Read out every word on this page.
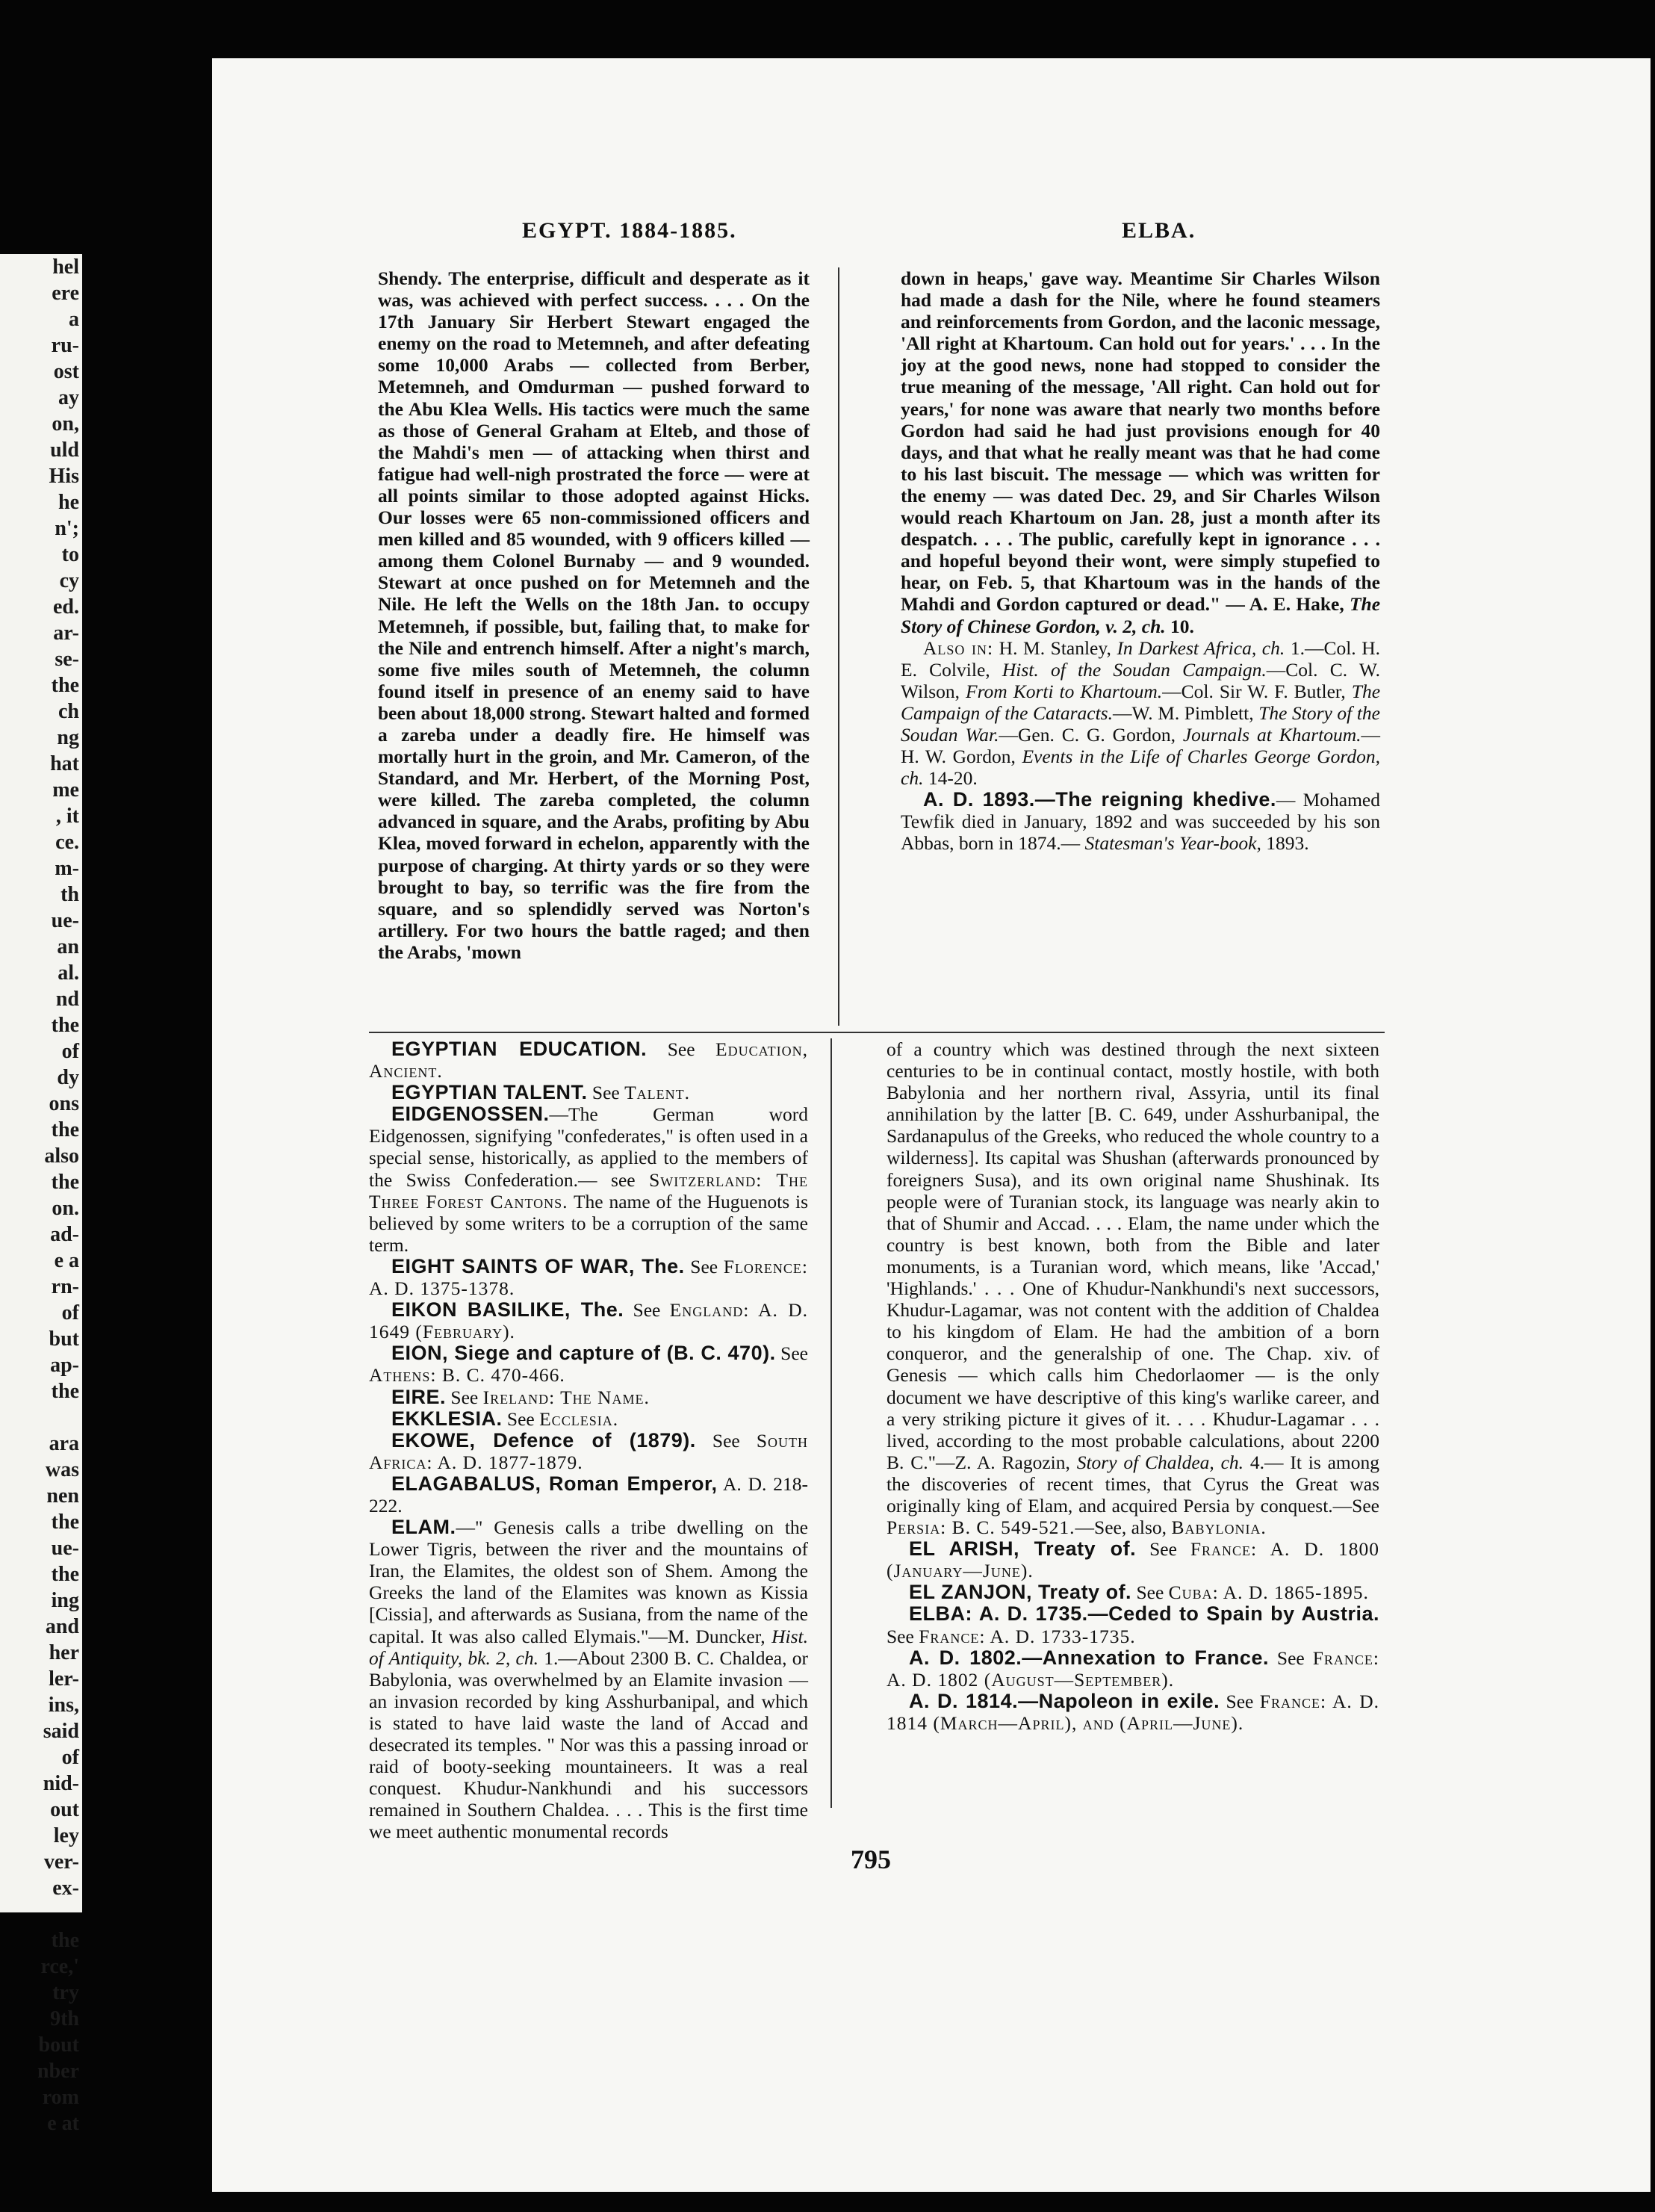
hel
ere
a
ru-
ost
ay
on,
uld
His
he
n';
to
cy
ed.
ar-
se-
the
ch
ng
hat
me
, it
ce.
m-
th
ue-
an
al.
nd
the
of
dy
ons
the
also
the
on.
ad-
e a
rn-
of
but
ap-
the
ara
was
nen
the
ue-
the
ing
and
her
ler-
ins,
said
of
nid-
out
ley
ver-
ex-
the
rce,'
try
9th
bout
nber
rom
e at
EGYPT. 1884-1885.	ELBA.

Shendy. The enterprise, difficult and desperate as it was, was achieved with perfect success. . . . On the 17th January Sir Herbert Stewart engaged the enemy on the road to Metemneh, and after defeating some 10,000 Arabs — collected from Berber, Metemneh, and Omdurman — pushed forward to the Abu Klea Wells. His tactics were much the same as those of General Graham at Elteb, and those of the Mahdi's men — of attacking when thirst and fatigue had well-nigh prostrated the force — were at all points similar to those adopted against Hicks. Our losses were 65 non-commissioned officers and men killed and 85 wounded, with 9 officers killed — among them Colonel Burnaby — and 9 wounded. Stewart at once pushed on for Metemneh and the Nile. He left the Wells on the 18th Jan. to occupy Metemneh, if possible, but, failing that, to make for the Nile and entrench himself. After a night's march, some five miles south of Metemneh, the column found itself in presence of an enemy said to have been about 18,000 strong. Stewart halted and formed a zareba under a deadly fire. He himself was mortally hurt in the groin, and Mr. Cameron, of the Standard, and Mr. Herbert, of the Morning Post, were killed. The zareba completed, the column advanced in square, and the Arabs, profiting by Abu Klea, moved forward in echelon, apparently with the purpose of charging. At thirty yards or so they were brought to bay, so terrific was the fire from the square, and so splendidly served was Norton's artillery. For two hours the battle raged; and then the Arabs, 'mown

down in heaps,' gave way. Meantime Sir Charles Wilson had made a dash for the Nile, where he found steamers and reinforcements from Gordon, and the laconic message, 'All right at Khartoum. Can hold out for years.' . . . In the joy at the good news, none had stopped to consider the true meaning of the message, 'All right. Can hold out for years,' for none was aware that nearly two months before Gordon had said he had just provisions enough for 40 days, and that what he really meant was that he had come to his last biscuit. The message — which was written for the enemy — was dated Dec. 29, and Sir Charles Wilson would reach Khartoum on Jan. 28, just a month after its despatch. . . . The public, carefully kept in ignorance . . . and hopeful beyond their wont, were simply stupefied to hear, on Feb. 5, that Khartoum was in the hands of the Mahdi and Gordon captured or dead." — A. E. Hake, The Story of Chinese Gordon, v. 2, ch. 10.

Also in: H. M. Stanley, In Darkest Africa, ch. 1.—Col. H. E. Colvile, Hist. of the Soudan Campaign.—Col. C. W. Wilson, From Korti to Khartoum.—Col. Sir W. F. Butler, The Campaign of the Cataracts.—W. M. Pimblett, The Story of the Soudan War.—Gen. C. G. Gordon, Journals at Khartoum.—H. W. Gordon, Events in the Life of Charles George Gordon, ch. 14-20.

A. D. 1893.—The reigning khedive.— Mohamed Tewfik died in January, 1892 and was succeeded by his son Abbas, born in 1874.— Statesman's Year-book, 1893.

EGYPTIAN EDUCATION. See Education, Ancient.

EGYPTIAN TALENT. See Talent.

EIDGENOSSEN.—The German word Eidgenossen, signifying "confederates," is often used in a special sense, historically, as applied to the members of the Swiss Confederation.— see Switzerland: The Three Forest Cantons. The name of the Huguenots is believed by some writers to be a corruption of the same term.

EIGHT SAINTS OF WAR, The. See Florence: A. D. 1375-1378.

EIKON BASILIKE, The. See England: A. D. 1649 (February).

EION, Siege and capture of (B. C. 470). See Athens: B. C. 470-466.

EIRE. See Ireland: The Name.

EKKLESIA. See Ecclesia.

EKOWE, Defence of (1879). See South Africa: A. D. 1877-1879.

ELAGABALUS, Roman Emperor, A. D. 218-222.

ELAM.—" Genesis calls a tribe dwelling on the Lower Tigris, between the river and the mountains of Iran, the Elamites, the oldest son of Shem. Among the Greeks the land of the Elamites was known as Kissia [Cissia], and afterwards as Susiana, from the name of the capital. It was also called Elymais."—M. Duncker, Hist. of Antiquity, bk. 2, ch. 1.—About 2300 B. C. Chaldea, or Babylonia, was overwhelmed by an Elamite invasion — an invasion recorded by king Asshurbanipal, and which is stated to have laid waste the land of Accad and desecrated its temples. " Nor was this a passing inroad or raid of booty-seeking mountaineers. It was a real conquest. Khudur-Nankhundi and his successors remained in Southern Chaldea. . . . This is the first time we meet authentic monumental records

of a country which was destined through the next sixteen centuries to be in continual contact, mostly hostile, with both Babylonia and her northern rival, Assyria, until its final annihilation by the latter [B. C. 649, under Asshurbanipal, the Sardanapulus of the Greeks, who reduced the whole country to a wilderness]. Its capital was Shushan (afterwards pronounced by foreigners Susa), and its own original name Shushinak. Its people were of Turanian stock, its language was nearly akin to that of Shumir and Accad. . . . Elam, the name under which the country is best known, both from the Bible and later monuments, is a Turanian word, which means, like 'Accad,' 'Highlands.' . . . One of Khudur-Nankhundi's next successors, Khudur-Lagamar, was not content with the addition of Chaldea to his kingdom of Elam. He had the ambition of a born conqueror, and the generalship of one. The Chap. xiv. of Genesis — which calls him Chedorlaomer — is the only document we have descriptive of this king's warlike career, and a very striking picture it gives of it. . . . Khudur-Lagamar . . . lived, according to the most probable calculations, about 2200 B. C."—Z. A. Ragozin, Story of Chaldea, ch. 4.— It is among the discoveries of recent times, that Cyrus the Great was originally king of Elam, and acquired Persia by conquest.—See Persia: B. C. 549-521.—See, also, Babylonia.

EL ARISH, Treaty of. See France: A. D. 1800 (January—June).

EL ZANJON, Treaty of. See Cuba: A. D. 1865-1895.

ELBA: A. D. 1735.—Ceded to Spain by Austria. See France: A. D. 1733-1735.

A. D. 1802.—Annexation to France. See France: A. D. 1802 (August—September).

A. D. 1814.—Napoleon in exile. See France: A. D. 1814 (March—April), and (April—June).

795
